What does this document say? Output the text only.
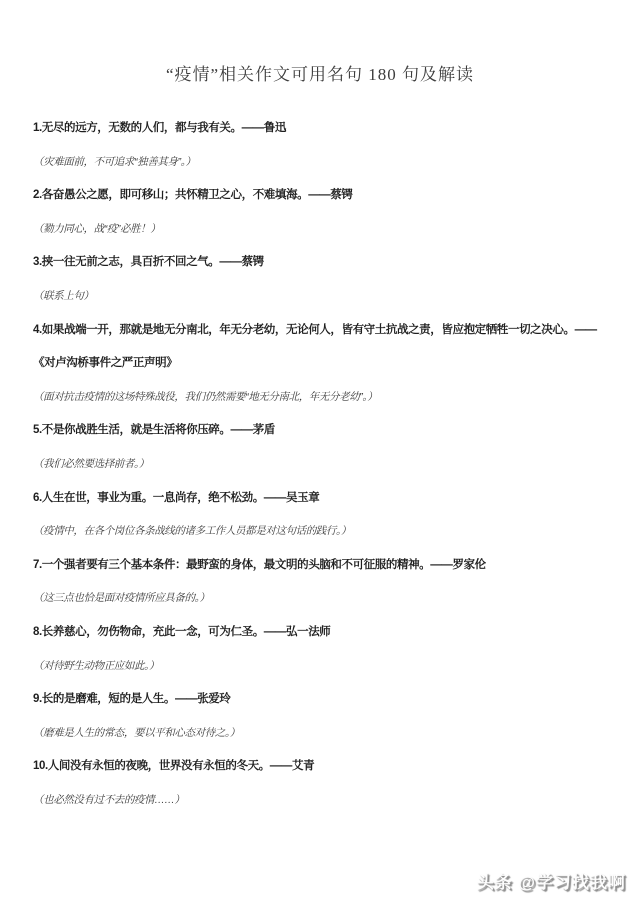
“疫情”相关作文可用名句 180 句及解读

1.无尽的远方，无数的人们，都与我有关。——鲁迅

（灾难面前，不可追求“独善其身”。）

2.各奋愚公之愿，即可移山；共怀精卫之心，不难填海。——蔡锷

（勠力同心，战“疫”必胜！）

3.挟一往无前之志，具百折不回之气。——蔡锷

（联系上句）

4.如果战端一开，那就是地无分南北，年无分老幼，无论何人，皆有守土抗战之责，皆应抱定牺牲一切之决心。——《对卢沟桥事件之严正声明》

（面对抗击疫情的这场特殊战役，我们仍然需要“地无分南北，年无分老幼”。）

5.不是你战胜生活，就是生活将你压碎。——茅盾

（我们必然要选择前者。）

6.人生在世，事业为重。一息尚存，绝不松劲。——吴玉章

（疫情中，在各个岗位各条战线的诸多工作人员都是对这句话的践行。）

7.一个强者要有三个基本条件：最野蛮的身体，最文明的头脑和不可征服的精神。——罗家伦

（这三点也恰是面对疫情所应具备的。）

8.长养慈心，勿伤物命，充此一念，可为仁圣。——弘一法师

（对待野生动物正应如此。）

9.长的是磨难，短的是人生。——张爱玲

（磨难是人生的常态，要以平和心态对待之。）

10.人间没有永恒的夜晚，世界没有永恒的冬天。——艾青

（也必然没有过不去的疫情……）

头条 @学习找我啊
